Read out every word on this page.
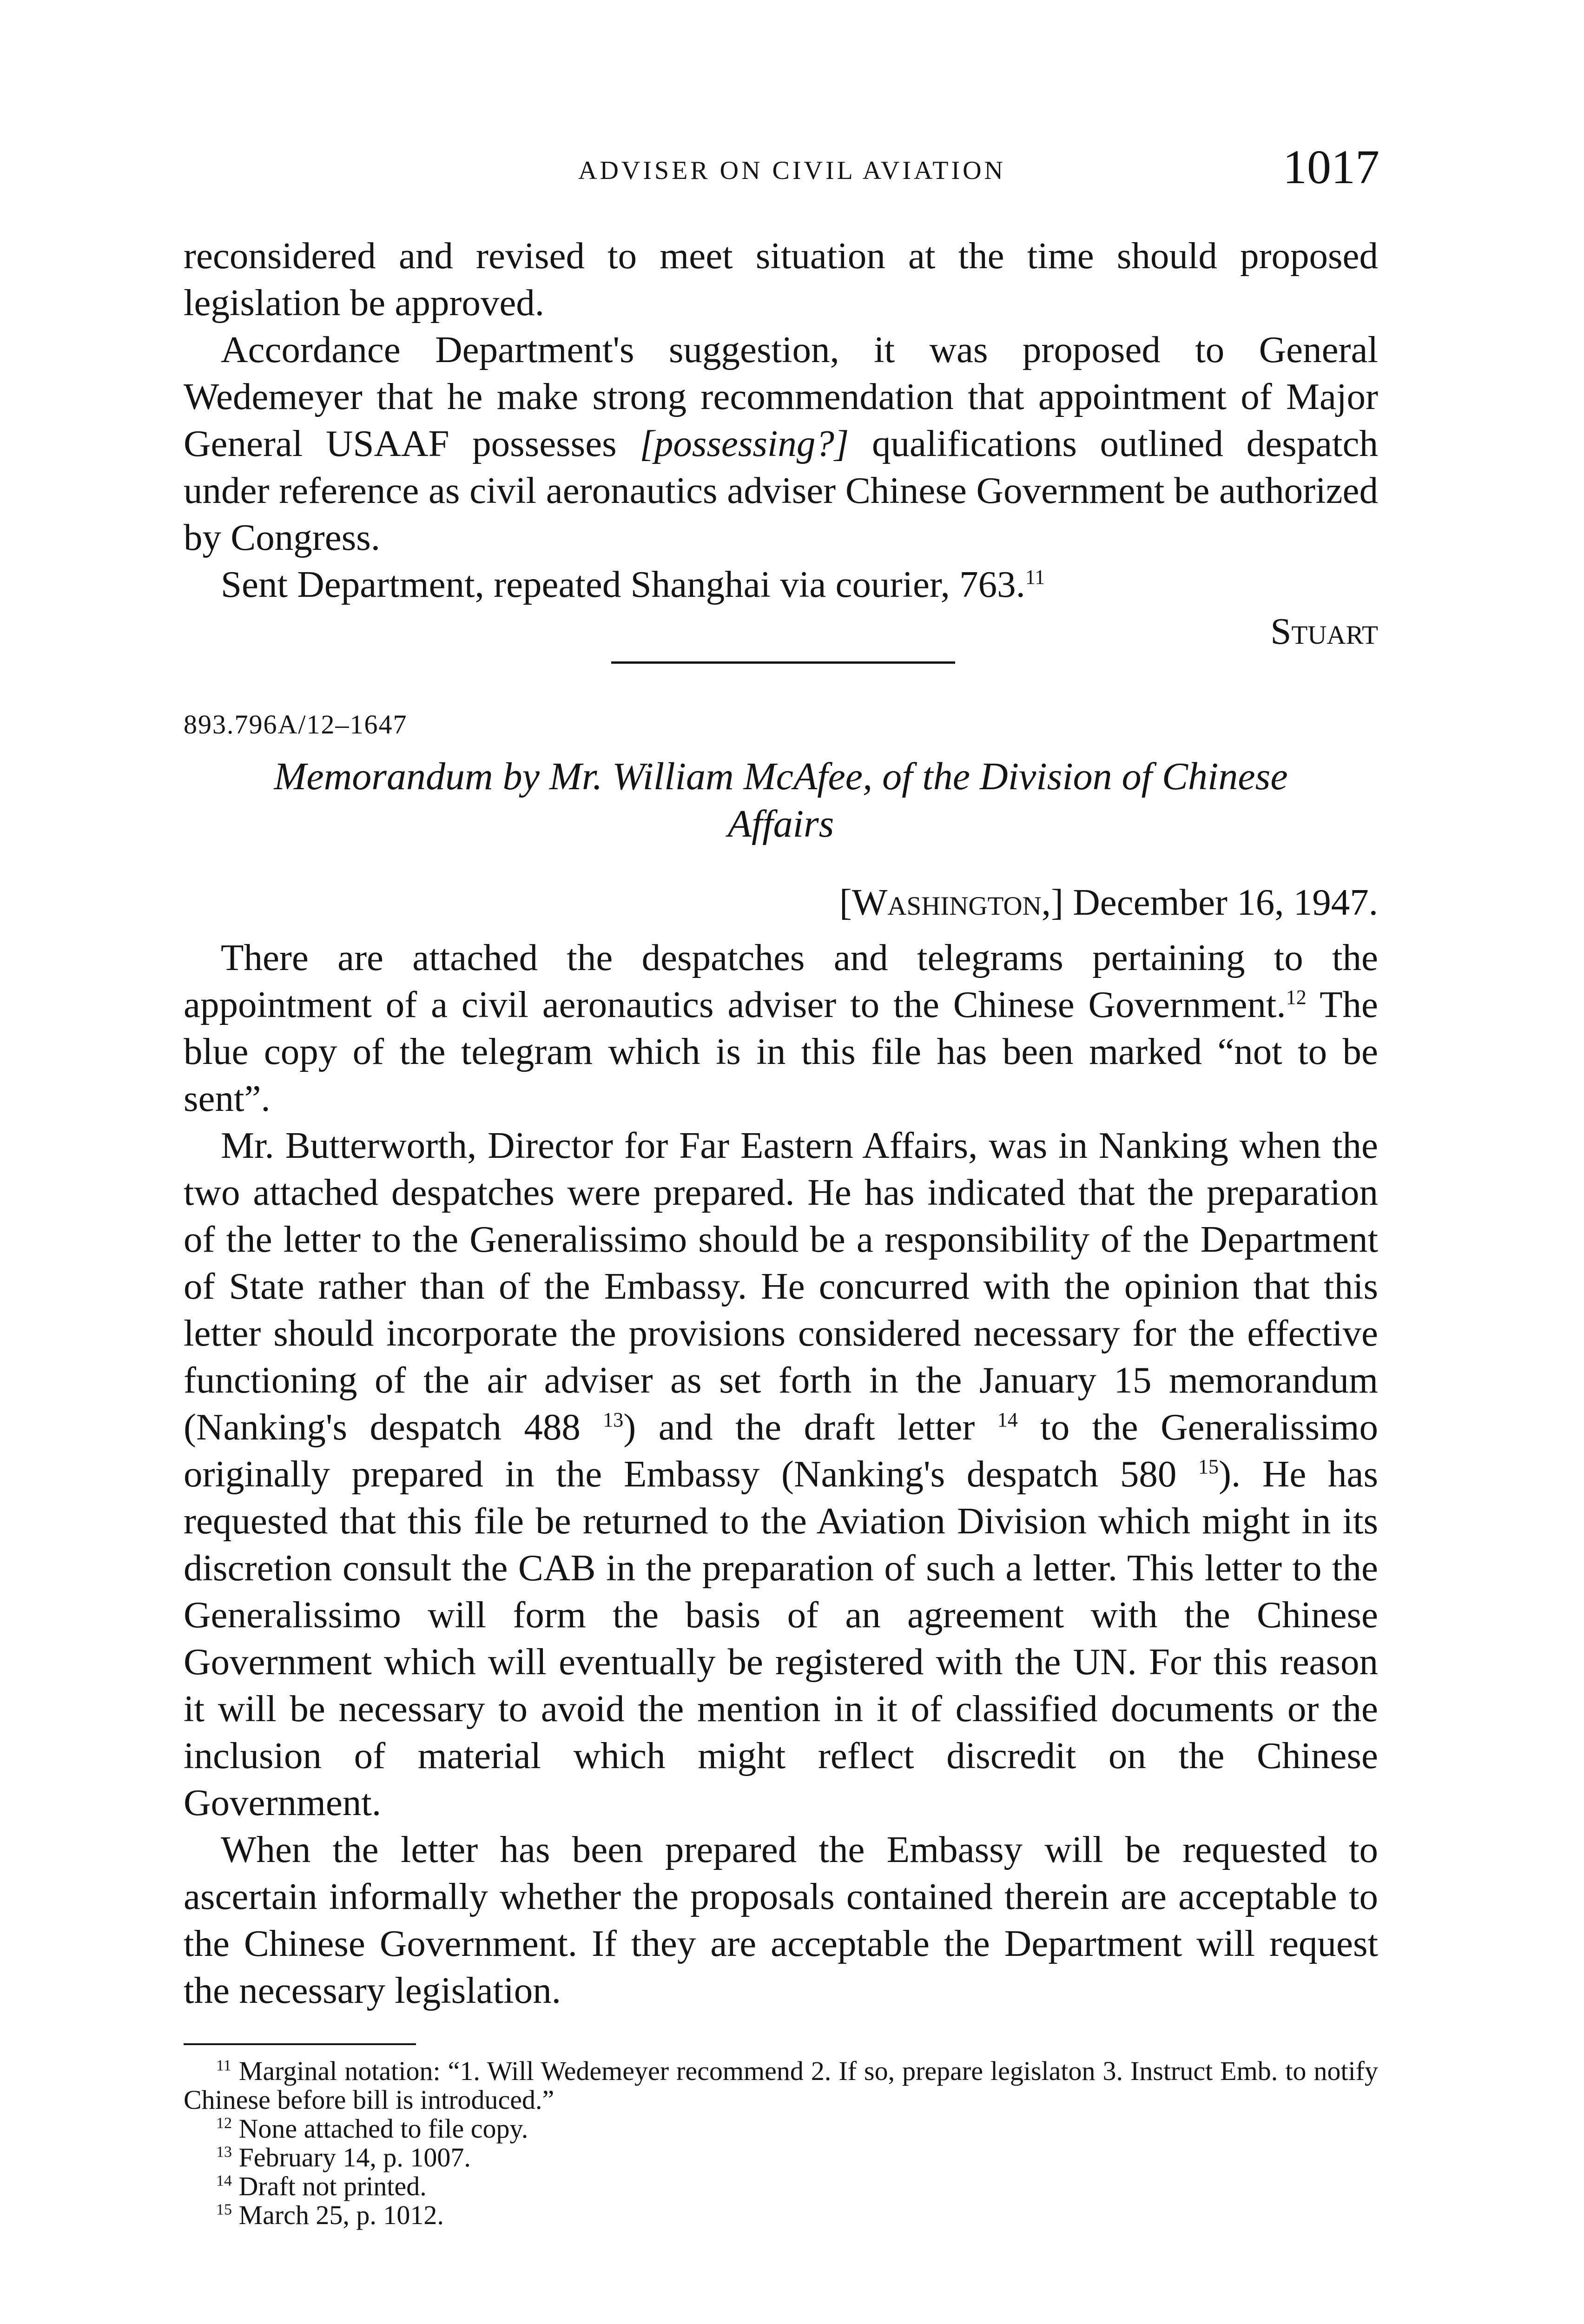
ADVISER ON CIVIL AVIATION	1017

reconsidered and revised to meet situation at the time should proposed legislation be approved.

Accordance Department's suggestion, it was proposed to General Wedemeyer that he make strong recommendation that appointment of Major General USAAF possesses [possessing?] qualifications outlined despatch under reference as civil aeronautics adviser Chinese Government be authorized by Congress.

Sent Department, repeated Shanghai via courier, 763.11

Stuart

893.796A/12–1647

Memorandum by Mr. William McAfee, of the Division of Chinese

Affairs

[Washington,] December 16, 1947.

There are attached the despatches and telegrams pertaining to the appointment of a civil aeronautics adviser to the Chinese Government.$^{12}$ The blue copy of the telegram which is in this file has been marked “not to be sent”.

Mr. Butterworth, Director for Far Eastern Affairs, was in Nanking when the two attached despatches were prepared. He has indicated that the preparation of the letter to the Generalissimo should be a responsibility of the Department of State rather than of the Embassy. He concurred with the opinion that this letter should incorporate the provisions considered necessary for the effective functioning of the air adviser as set forth in the January 15 memorandum (Nanking's despatch 488 $^{13}$) and the draft letter $^{14}$ to the Generalissimo originally prepared in the Embassy (Nanking's despatch 580 $^{15}$). He has requested that this file be returned to the Aviation Division which might in its discretion consult the CAB in the preparation of such a letter. This letter to the Generalissimo will form the basis of an agreement with the Chinese Government which will eventually be registered with the UN. For this reason it will be necessary to avoid the mention in it of classified documents or the inclusion of material which might reflect discredit on the Chinese Government.

When the letter has been prepared the Embassy will be requested to ascertain informally whether the proposals contained therein are acceptable to the Chinese Government. If they are acceptable the Department will request the necessary legislation.

$^{11}$ Marginal notation: “1. Will Wedemeyer recommend 2. If so, prepare legislaton 3. Instruct Emb. to notify Chinese before bill is introduced.”

$^{12}$ None attached to file copy.

$^{13}$ February 14, p. 1007.

$^{14}$ Draft not printed.

$^{15}$ March 25, p. 1012.
